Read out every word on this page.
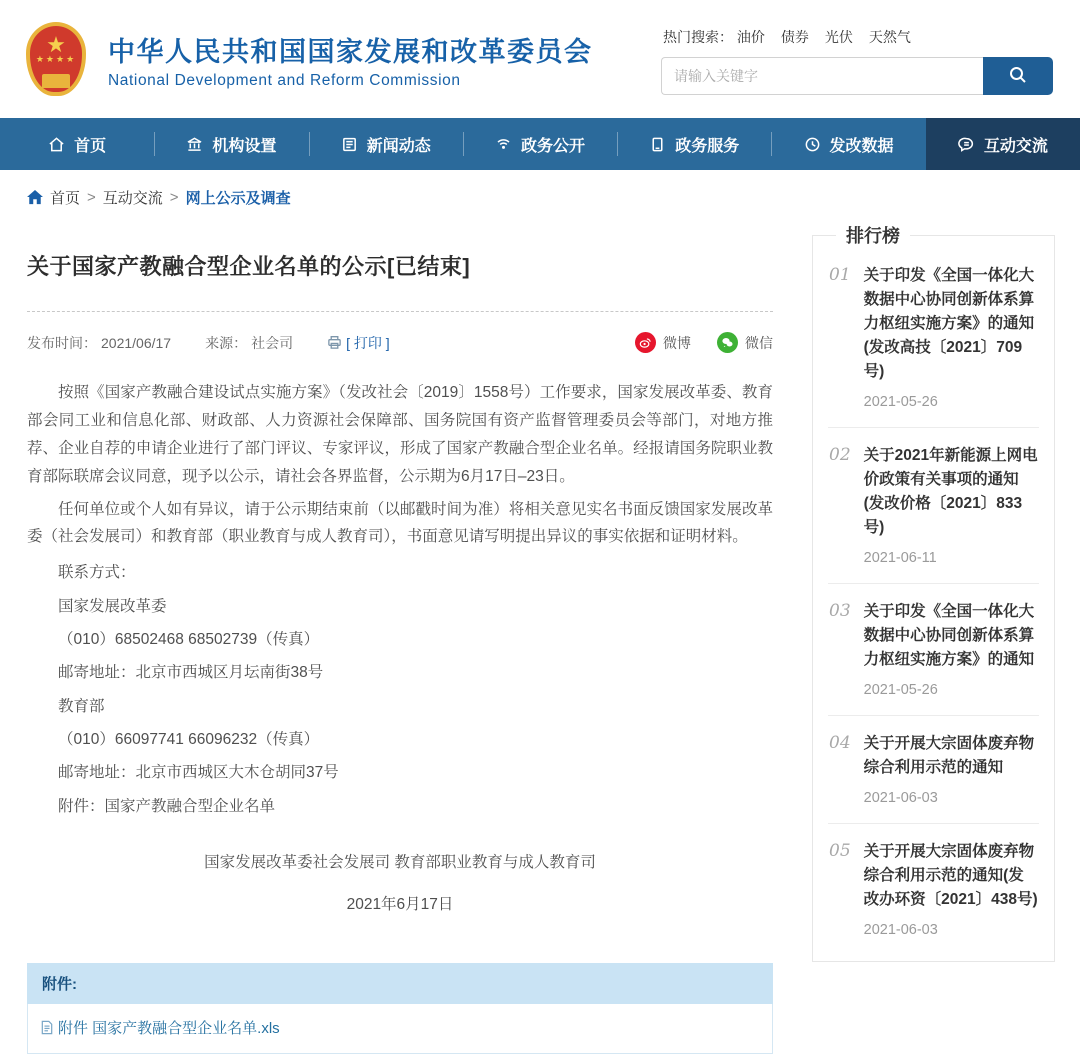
★
★★★★	中华人民共和国国家发展和改革委员会
National Development and Reform Commission
热门搜索： 油价 债券 光伏 天然气
请输入关键字
首页	机构设置	新闻动态	政务公开	政务服务	发改数据	互动交流
首页 > 互动交流 > 网上公示及调查
关于国家产教融合型企业名单的公示[已结束]
发布时间： 2021/06/17 来源： 社会司	[ 打印 ]	微博	微信

按照《国家产教融合建设试点实施方案》（发改社会〔2019〕1558号）工作要求，国家发展改革委、教育部会同工业和信息化部、财政部、人力资源社会保障部、国务院国有资产监督管理委员会等部门，对地方推荐、企业自荐的申请企业进行了部门评议、专家评议，形成了国家产教融合型企业名单。经报请国务院职业教育部际联席会议同意，现予以公示，请社会各界监督，公示期为6月17日–23日。

任何单位或个人如有异议，请于公示期结束前（以邮戳时间为准）将相关意见实名书面反馈国家发展改革委（社会发展司）和教育部（职业教育与成人教育司），书面意见请写明提出异议的事实依据和证明材料。

联系方式：

国家发展改革委

（010）68502468 68502739（传真）

邮寄地址：北京市西城区月坛南街38号

教育部

（010）66097741 66096232（传真）

邮寄地址：北京市西城区大木仓胡同37号

附件：国家产教融合型企业名单

国家发展改革委社会发展司 教育部职业教育与成人教育司

2021年6月17日

附件:
附件 国家产教融合型企业名单.xls
排行榜
01 关于印发《全国一体化大数据中心协同创新体系算力枢纽实施方案》的通知(发改高技〔2021〕709号)
2021-05-26
02 关于2021年新能源上网电价政策有关事项的通知(发改价格〔2021〕833号)
2021-06-11
03 关于印发《全国一体化大数据中心协同创新体系算力枢纽实施方案》的通知
2021-05-26
04 关于开展大宗固体废弃物综合利用示范的通知
2021-06-03
05 关于开展大宗固体废弃物综合利用示范的通知(发改办环资〔2021〕438号)
2021-06-03
